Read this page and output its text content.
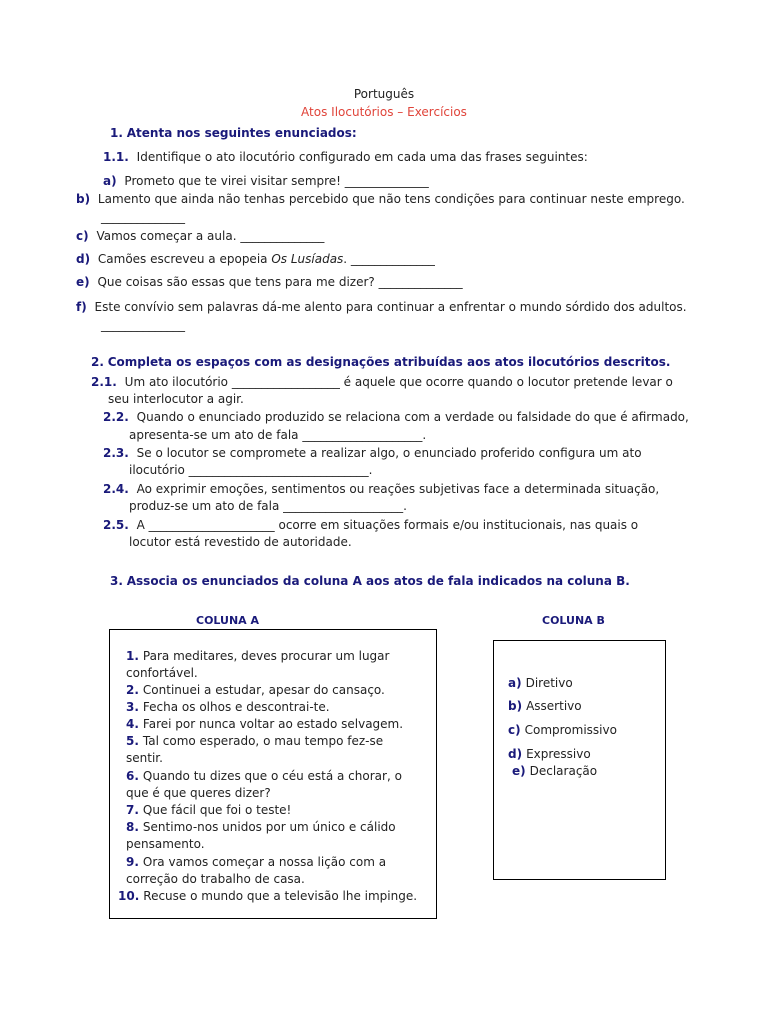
Português
Atos Ilocutórios – Exercícios
1. Atenta nos seguintes enunciados:
1.1. Identifique o ato ilocutório configurado em cada uma das frases seguintes:
a) Prometo que te virei visitar sempre! ______________
b) Lamento que ainda não tenhas percebido que não tens condições para continuar neste emprego.
______________
c) Vamos começar a aula. ______________
d) Camões escreveu a epopeia Os Lusíadas. ______________
e) Que coisas são essas que tens para me dizer? ______________
f) Este convívio sem palavras dá-me alento para continuar a enfrentar o mundo sórdido dos adultos.
______________
2. Completa os espaços com as designações atribuídas aos atos ilocutórios descritos.
2.1. Um ato ilocutório __________________ é aquele que ocorre quando o locutor pretende levar o
seu interlocutor a agir.
2.2. Quando o enunciado produzido se relaciona com a verdade ou falsidade do que é afirmado,
apresenta-se um ato de fala ____________________.
2.3. Se o locutor se compromete a realizar algo, o enunciado proferido configura um ato
ilocutório ______________________________.
2.4. Ao exprimir emoções, sentimentos ou reações subjetivas face a determinada situação,
produz-se um ato de fala ____________________.
2.5. A _____________________ ocorre em situações formais e/ou institucionais, nas quais o
locutor está revestido de autoridade.
3. Associa os enunciados da coluna A aos atos de fala indicados na coluna B.
COLUNA A	COLUNA B
1. Para meditares, deves procurar um lugar
confortável.
2. Continuei a estudar, apesar do cansaço.
3. Fecha os olhos e descontrai-te.
4. Farei por nunca voltar ao estado selvagem.
5. Tal como esperado, o mau tempo fez-se
sentir.
6. Quando tu dizes que o céu está a chorar, o
que é que queres dizer?
7. Que fácil que foi o teste!
8. Sentimo-nos unidos por um único e cálido
pensamento.
9. Ora vamos começar a nossa lição com a
correção do trabalho de casa.
10. Recuse o mundo que a televisão lhe impinge.
a) Diretivo
b) Assertivo
c) Compromissivo
d) Expressivo
e) Declaração
